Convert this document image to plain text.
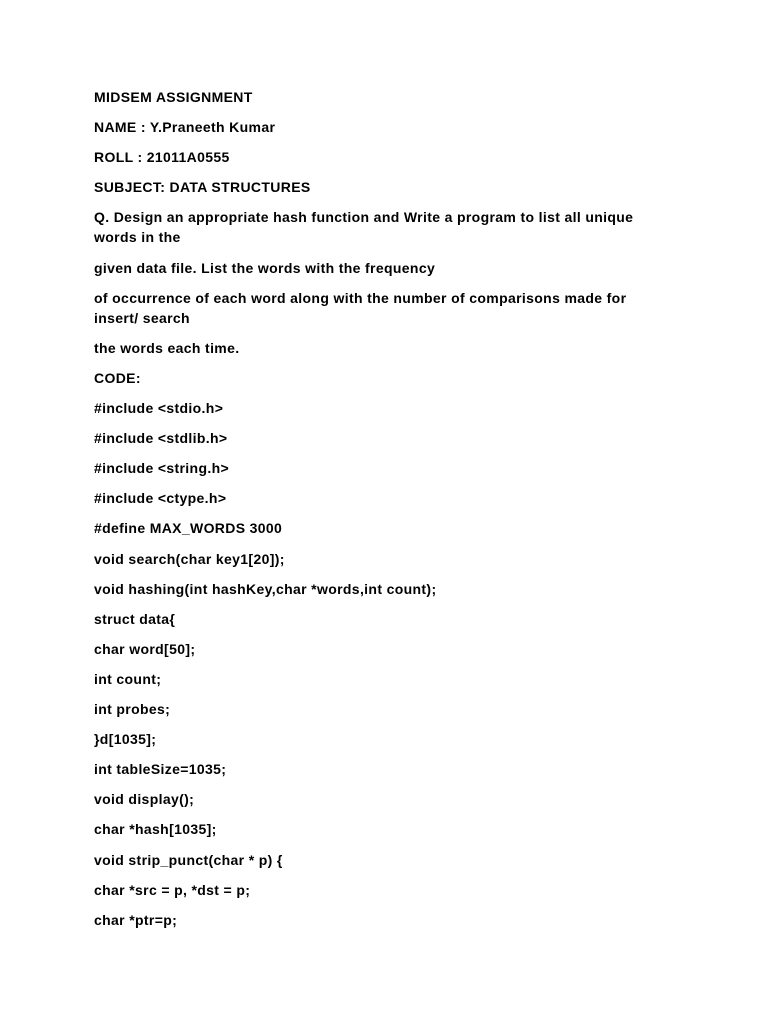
MIDSEM ASSIGNMENT
NAME : Y.Praneeth Kumar
ROLL : 21011A0555
SUBJECT: DATA STRUCTURES
Q. Design an appropriate hash function and Write a program to list all unique words in the
given data file. List the words with the frequency
of occurrence of each word along with the number of comparisons made for insert/ search
the words each time.
CODE:
#include <stdio.h>
#include <stdlib.h>
#include <string.h>
#include <ctype.h>
#define MAX_WORDS 3000
void search(char key1[20]);
void hashing(int hashKey,char *words,int count);
struct data{
char word[50];
int count;
int probes;
}d[1035];
int tableSize=1035;
void display();
char *hash[1035];
void strip_punct(char * p) {
char *src = p, *dst = p;
char *ptr=p;
